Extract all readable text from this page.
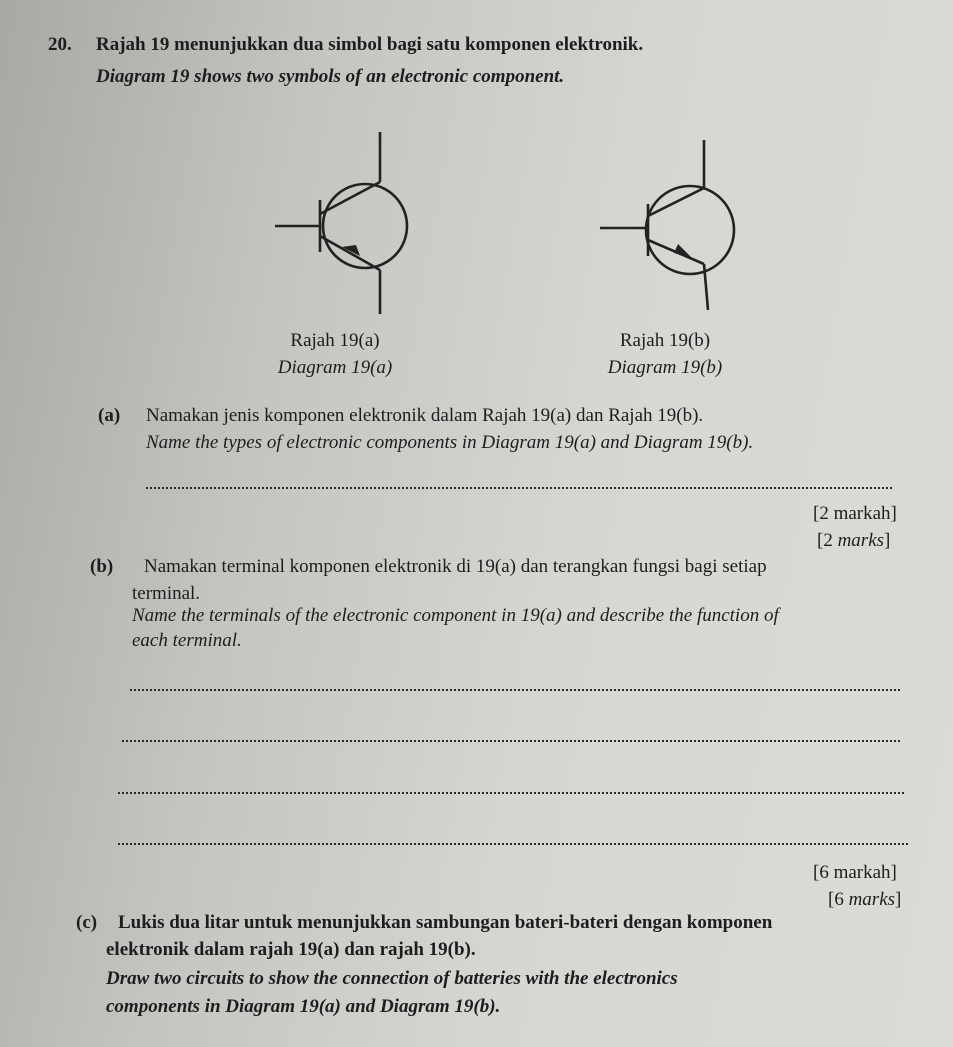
20. Rajah 19 menunjukkan dua simbol bagi satu komponen elektronik.
Diagram 19 shows two symbols of an electronic component.
Rajah 19(a)
Diagram 19(a)
Rajah 19(b)
Diagram 19(b)
(a) Namakan jenis komponen elektronik dalam Rajah 19(a) dan Rajah 19(b).
Name the types of electronic components in Diagram 19(a) and Diagram 19(b).
[2 markah]
[2 marks]
(b) Namakan terminal komponen elektronik di 19(a) dan terangkan fungsi bagi setiap
terminal.
Name the terminals of the electronic component in 19(a) and describe the function of
each terminal.
[6 markah]
[6 marks]
(c) Lukis dua litar untuk menunjukkan sambungan bateri-bateri dengan komponen
elektronik dalam rajah 19(a) dan rajah 19(b).
Draw two circuits to show the connection of batteries with the electronics
components in Diagram 19(a) and Diagram 19(b).
